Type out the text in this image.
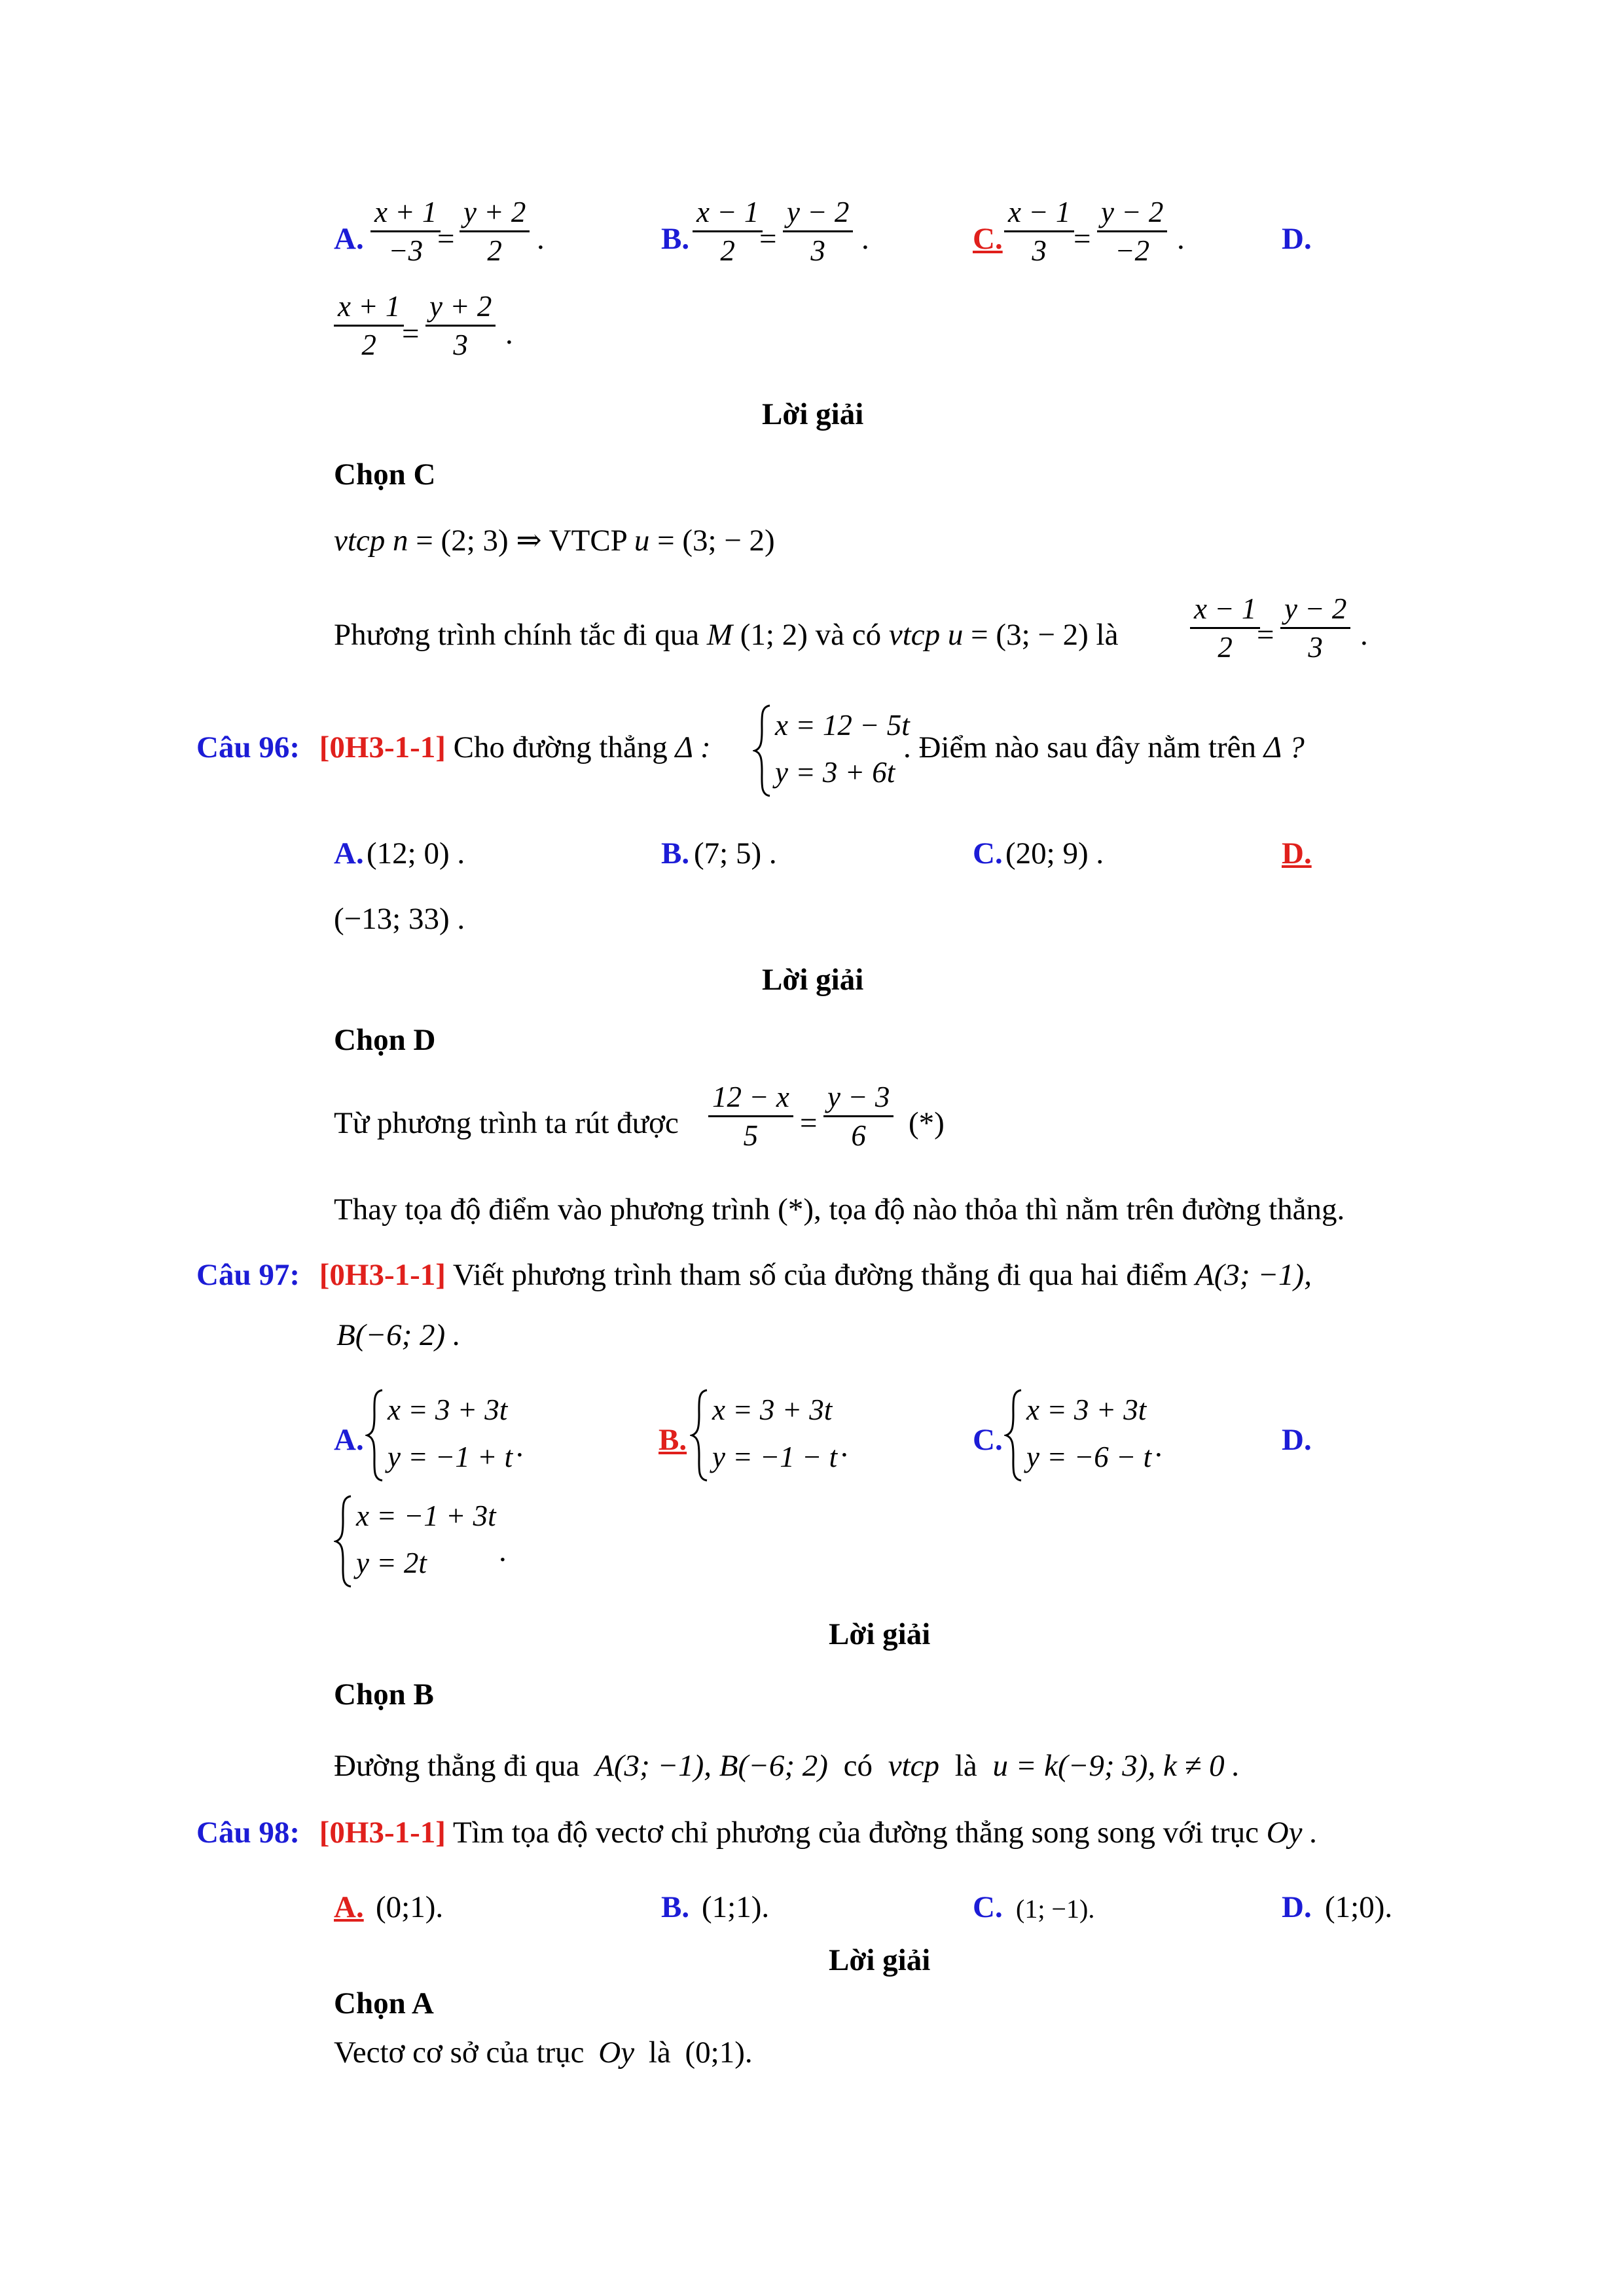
A. $\frac{x + 1}{-3}$
= $\frac{y + 2}{2}$ .	B. $\frac{x - 1}{2}$
= $\frac{y - 2}{3}$ .	C. $\frac{x - 1}{3}$
= $\frac{y - 2}{-2}$ .	D.
$\frac{x + 1}{2}$
= $\frac{y + 2}{3}$ .
Lời giải
Chọn C
vtcp n = (2; 3) ⇒ VTCP u = (3; − 2)
Phương trình chính tắc đi qua M (1; 2) và có vtcp u = (3; − 2) là $\frac{x - 1}{2}$
= $\frac{y - 2}{3}$ .
Câu 96: [0H3-1-1] Cho đường thẳng Δ :
x = 12 − 5t
y = 3 + 6t
. Điểm nào sau đây nằm trên Δ ?
A. (12; 0) .	B. (7; 5) .	C. (20; 9) .	D.
(−13; 33) .
Lời giải
Chọn D
Từ phương trình ta rút được $\frac{12 - x}{5} = \frac{y - 3}{6}$ (*)
Thay tọa độ điểm vào phương trình (*), tọa độ nào thỏa thì nằm trên đường thẳng.
Câu 97: [0H3-1-1] Viết phương trình tham số của đường thẳng đi qua hai điểm A(3; −1),
B(−6; 2) .
A.
x = 3 + 3t
y = −1 + t .	B.
x = 3 + 3t
y = −1 − t .	C.
x = 3 + 3t
y = −6 − t .	D.
x = −1 + 3t
y = 2t	.
Lời giải
Chọn B
Đường thẳng đi qua A(3; −1), B(−6; 2) có vtcp là u = k(−9; 3), k ≠ 0 .
Câu 98: [0H3-1-1] Tìm tọa độ vectơ chỉ phương của đường thẳng song song với trục Oy .
A. (0;1).	B. (1;1).	C. (1; −1).	D. (1;0).
Lời giải
Chọn A
Vectơ cơ sở của trục Oy là (0;1).
